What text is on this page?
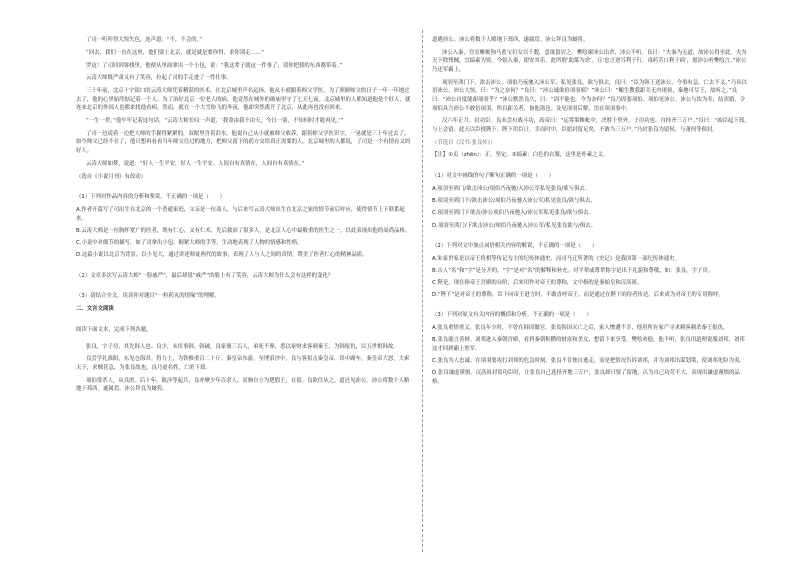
了司一听吓得大惊失色，连声道：“不，不会的。”

“回去，我们一直在这里，他们要上北京，就是就是要你得，求你别走……”

罗这！了司回到客栈里，他便从里面拿出一个小包，说：“我这辈子就这一件事了，请你把我的东西都带着。”

云涛大师既严肃又有了笑容，拉起了司的手走进了一件往事。

三十年前，北京十字街口的云涛大师凭着精湛的医术，在北京城里声名远扬。他从小就跟着师父学医，为了照顾师父的日子一年一年地过去了，他的心里始终惦记着一个人。为了治好北京一位老人的病，他竟然在城外的破庙里守了七天七夜。北京城里的人都知道他是个好人，就连来北京的外国人也都来找他看病。然而，就在一个大雪纷飞的冬夜，他却突然离开了北京，从此再也没有回来。

“一生一世。”他牢牢记着这句话，“云涛大师长叹一声道，‘我命由我不由天，今日一别，不知何时才能再见。’”

了司一边说着一边把大师的手握得紧紧的，双眼里含着泪水。他说自己从小就被师父收养，跟着师父学医识字，一晃就是三十年过去了。如今师父已经不在了，他只想再看看当年师父住过的地方，把师父留下的药方交给真正需要的人。北京城里的人都说，了司是一个有情有义的好人。

云涛大师如梦，说道：“好人一生平安，好人一生平安。人间自有真情在，人间自有真情在。”

（选自《小说月刊》有改动）

（1）下列对作品内容的分析和鉴赏，不正确的一项是（　　）

A.作者开篇写了司出生在北京的一个普通家庭，父亲是一位商人，与后来写云涛大师出生在北京之家的情节前后呼应，使得情节上下联系起来。

B.云涛大师是一位胸怀宽广的医者，既有仁心，又有仁术，先后救治了很多人，是北京人心中最敬重的医生之一，以此表现出他的高尚品格。

C.小说中对细节的描写，如了司拿出小包、握紧大师的手等，生动地表现了人物的情感和性格。

D.这篇小说以北京为背景，以小见大，通过讲述师徒两代的故事，表现了人与人之间的真情，赞美了医者仁心的精神品质。

（2）文章多次写云涛大师“一脸戚严”，最后却说“戚严”的脸上有了笑容，云涛大师为什么会有这样的变化？

（3）请结合全文，谈谈你对题目“一粒药丸的情缘”的理解。

二、文言文阅读

阅读下面文本，完成下列各题。

张良，字子房，其先韩人也。良少，未宦事韩。韩破，良家僮三百人，弟死不葬，悉以家财求客刺秦王，为韩报仇，以五世相韩故。

良尝学礼淮阳，东见仓海君。得力士，为铁椎重百二十斤。秦皇帝东游，至博浪沙中，良与客狙击秦皇帝，误中副车。秦皇帝大怒，大索天下，求贼甚急，为张良故也。良乃更名姓，亡匿下邳。

项伯常杀人，从良匿。后十年，陈涉等起兵，良亦聚少年百余人。景驹自立为楚假王，在留。良欲往从之，道还见沛公。沛公将数千人略地下邳西，遂属焉。沛公拜良为厩将。

道遇沛公。沛公将数千人略地下邳西，遂属焉。沛公拜良为厩将。

沛公入秦，宫室帷帐狗马重宝妇女以千数，意欲留居之。樊哙谏沛公出舍，沛公不听。良曰：“夫秦为无道，故沛公得至此。夫为天下除残贼，宜缟素为资。今始入秦，即安其乐，此所谓‘助桀为虐’。且‘忠言逆耳利于行，毒药苦口利于病’，愿沛公听樊哙言。”沛公乃还军霸上。

项羽至鸿门下，欲击沛公，项伯乃夜驰入沛公军，私见张良，欲与俱去。良曰：“臣为韩王送沛公，今事有急，亡去不义。”乃具以语沛公。沛公大惊，曰：“为之奈何？”良曰：“沛公诚欲倍项羽邪？”沛公曰：“鲰生教我距关无内诸侯，秦地可尽王，故听之。”良曰：“沛公自度能却项羽乎？”沛公默然良久，曰：“固不能也。今为奈何？”良乃固要项伯。项伯见沛公。沛公与饮为寿，结宾婚。令项伯具言沛公不敢倍项羽，所以距关者，备他盗也。及见项羽后解，语在项羽事中。

汉六年正月，封功臣。良未尝有战斗功，高帝曰：“运筹策帷帐中，决胜千里外，子房功也。自择齐三万户。”良曰：“始臣起下邳，与上会留，此天以臣授陛下。陛下用臣计，幸而时中，臣愿封留足矣，不敢当三万户。”乃封张良为留侯，与萧何等俱封。

（节选自《汉书·张良传》）

【注】①贞（zhēn）：正，坚定。②缟素：白色的衣服，这里是朴素之义。

（1）对文中画线的句子断句正确的一项是（　　）

A.项羽至鸿门/欲击沛公/项伯乃夜驰/入沛公军私见张良/欲与俱去。

B.项羽至鸿门下/欲击沛公/项伯乃夜驰入沛公军/私见张良/欲与俱去。

C.项羽至鸿门下欲击/沛公项伯乃夜驰入/沛公军私见张良/欲与俱去。

D.项羽至鸿门/下欲击沛公/项伯乃夜驰入沛公军/私见张良欲与/俱去。

（2）下列对文中加点词语相关内容的解说，不正确的一项是（　　）

A.朱家世家是以帝王将相等传记为主的纪传体通史，而司马迁所著的《史记》是我国第一部纪传体通史。

B.古人“名”和“字”是分开的，“字”是对“名”的解释和补充。对平辈或尊辈称字是出于礼貌和尊敬，如：张良，字子房。

C.陛是，现在指帝王宫殿的台阶，后来用作对帝王的尊称，文中指的是秦始皇和汉高祖。

D.“陛下”是对帝王的尊称，臣下向帝王进言时，不敢直呼帝王，而是通过在陛下的侍者传达，后来成为对帝王的专用称呼。

（3）下列对原文有关内容的概括和分析，不正确的一项是（　　）

A.张良重情重义。张良年少时，不曾在韩国做官，张良韩国灭亡之后，家人惨遭不幸，他用所有家产寻求刺客刺杀秦王报仇。

B.张良能言善辩。刘邦进入秦朝宫殿，看到秦朝积攒的财富和美女，想留下来享受，樊哙劝他，他不听，张良用道理说服刘邦，刘邦这才回到霸上驻军。

C.张良为人忠诚。在项羽要攻打刘邦的危急时刻，张良不肯独自逃走，而是把情况告诉刘邦，并为刘邦出谋划策，使刘邦化险为夷。

D.张良谦虚谨慎。汉高祖封赏功臣时，让张良自己选择齐地三万户，张良却只要了留地，认为自己功劳不大，表现出谦虚谨慎的品格。
